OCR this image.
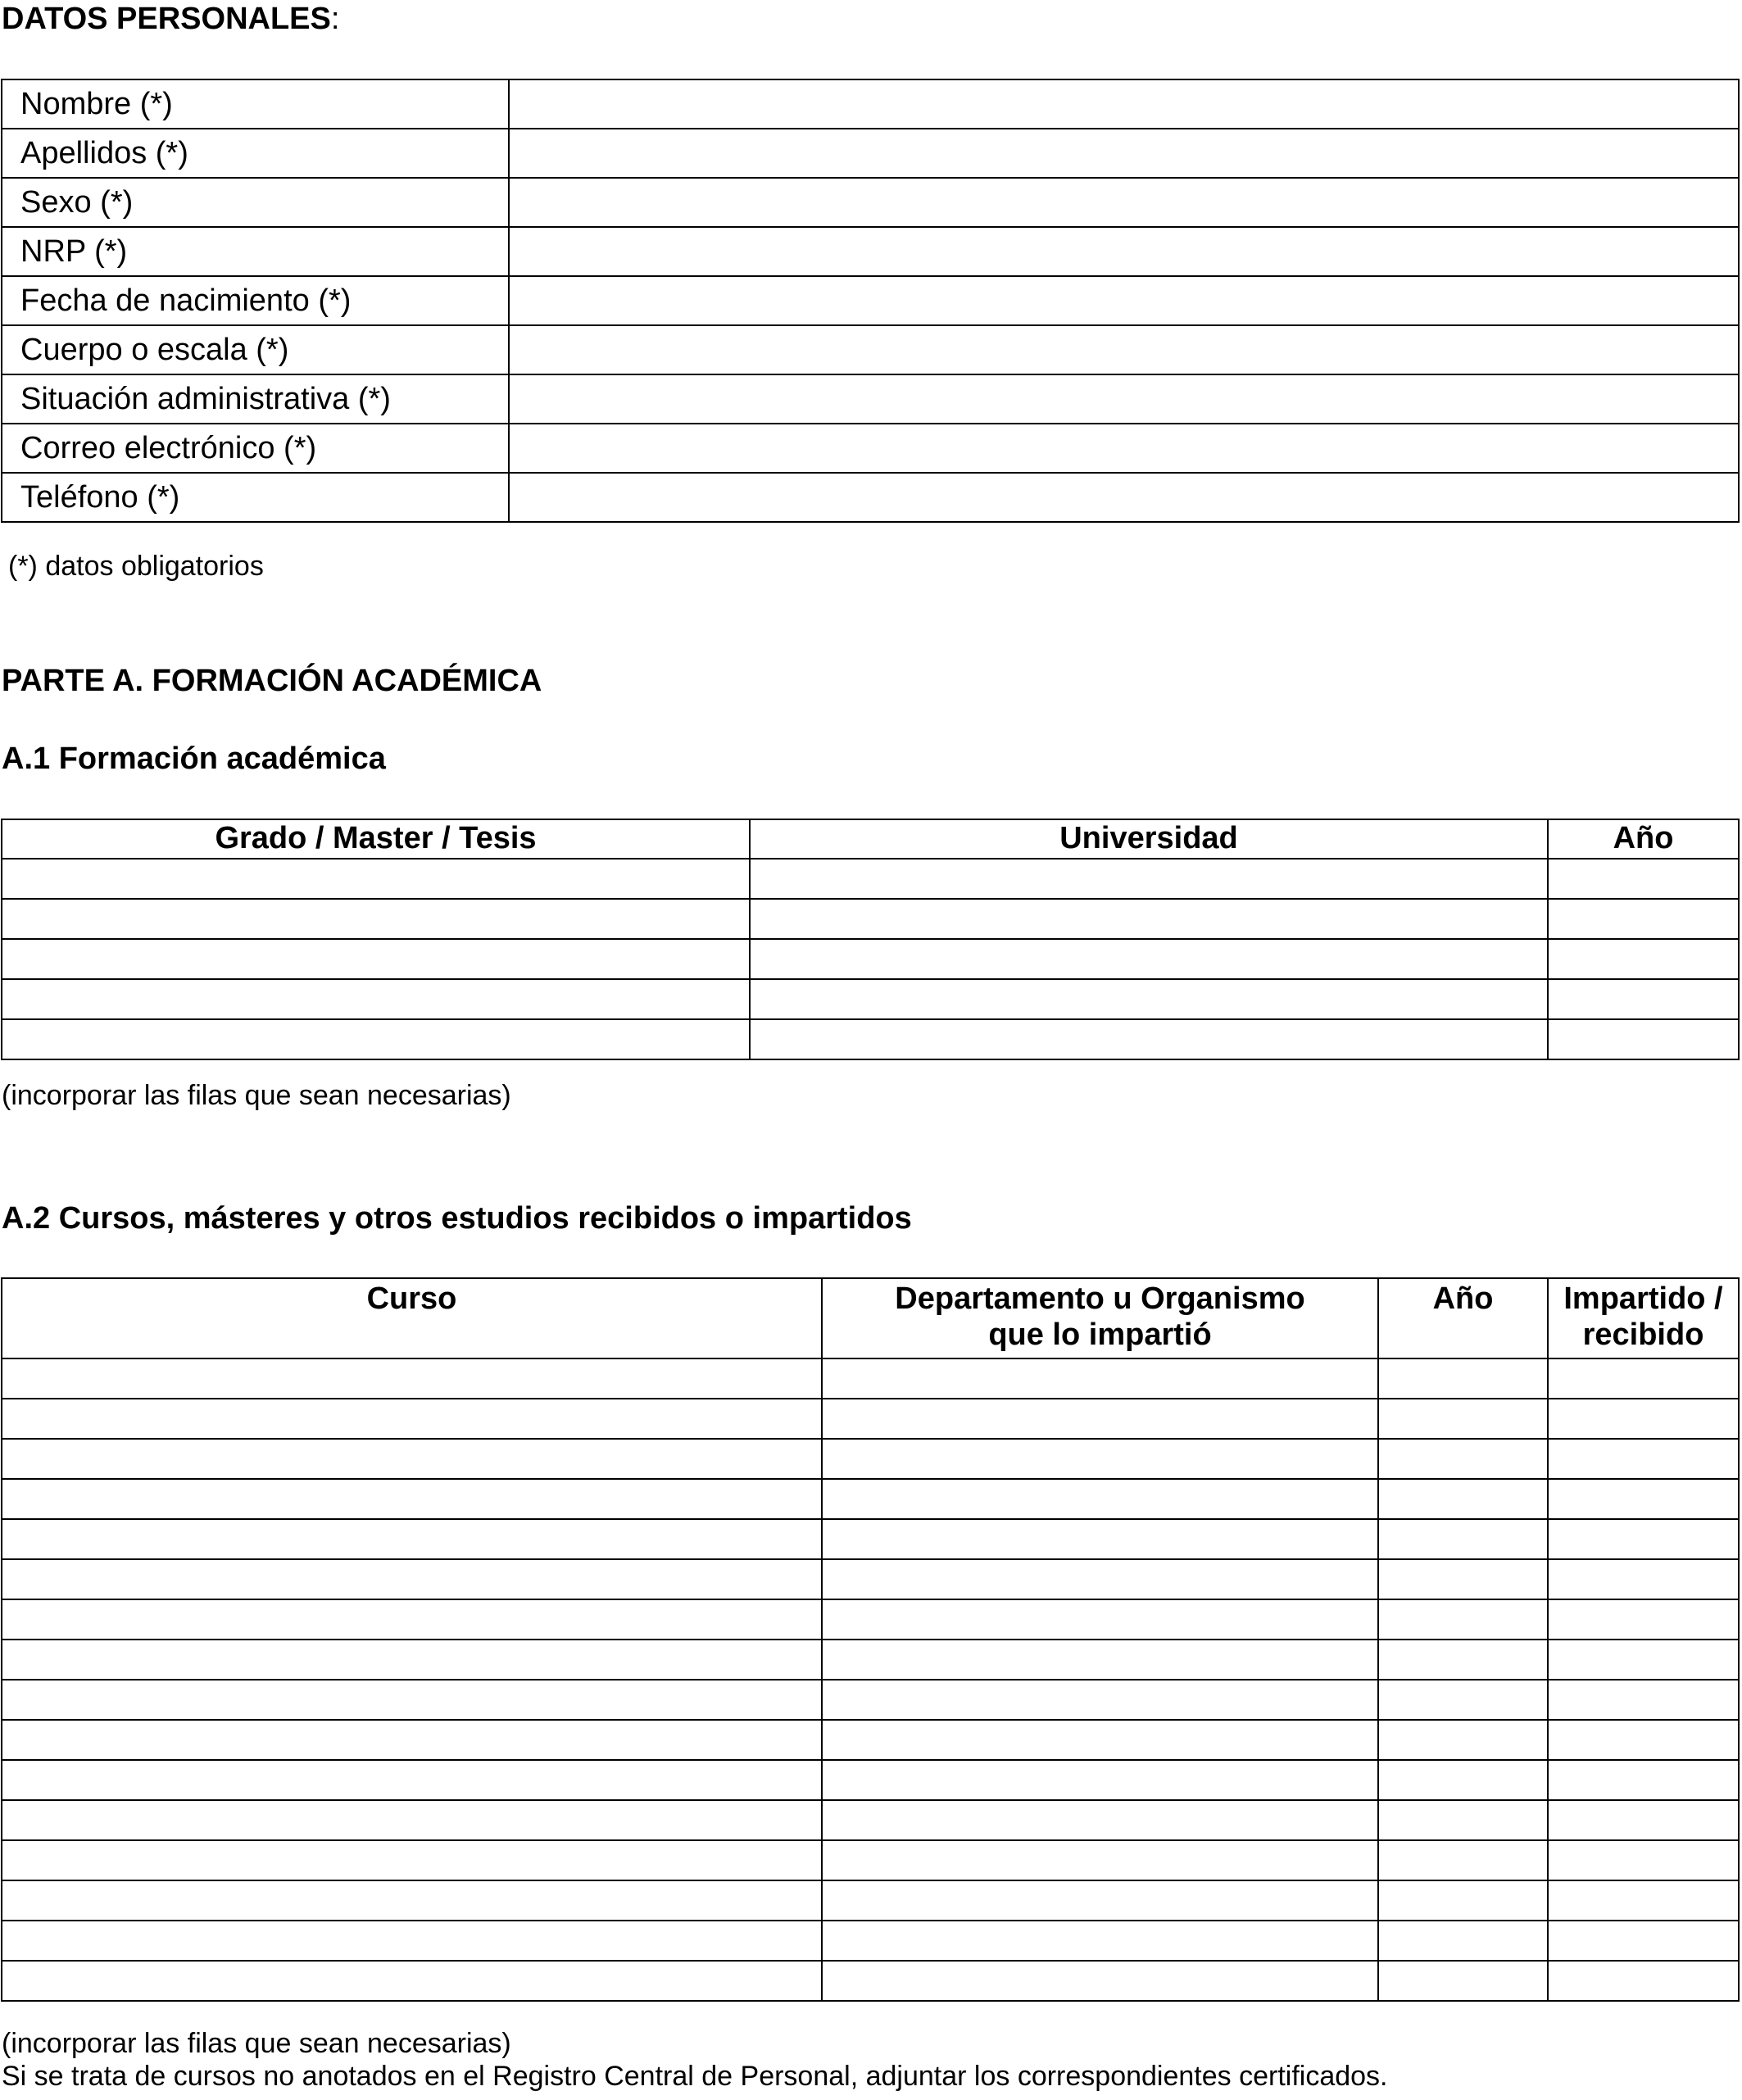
DATOS PERSONALES:
Nombre (*)	
Apellidos (*)	
Sexo (*)	
NRP (*)	
Fecha de nacimiento (*)	
Cuerpo o escala (*)	
Situación administrativa (*)	
Correo electrónico (*)	
Teléfono (*)	
(*) datos obligatorios
PARTE A. FORMACIÓN ACADÉMICA
A.1 Formación académica
Grado / Master / Tesis	Universidad	Año

(incorporar las filas que sean necesarias)
A.2 Cursos, másteres y otros estudios recibidos o impartidos
Curso	Departamento u Organismo que lo impartió	Año	Impartido / recibido

(incorporar las filas que sean necesarias)
Si se trata de cursos no anotados en el Registro Central de Personal, adjuntar los correspondientes certificados.
